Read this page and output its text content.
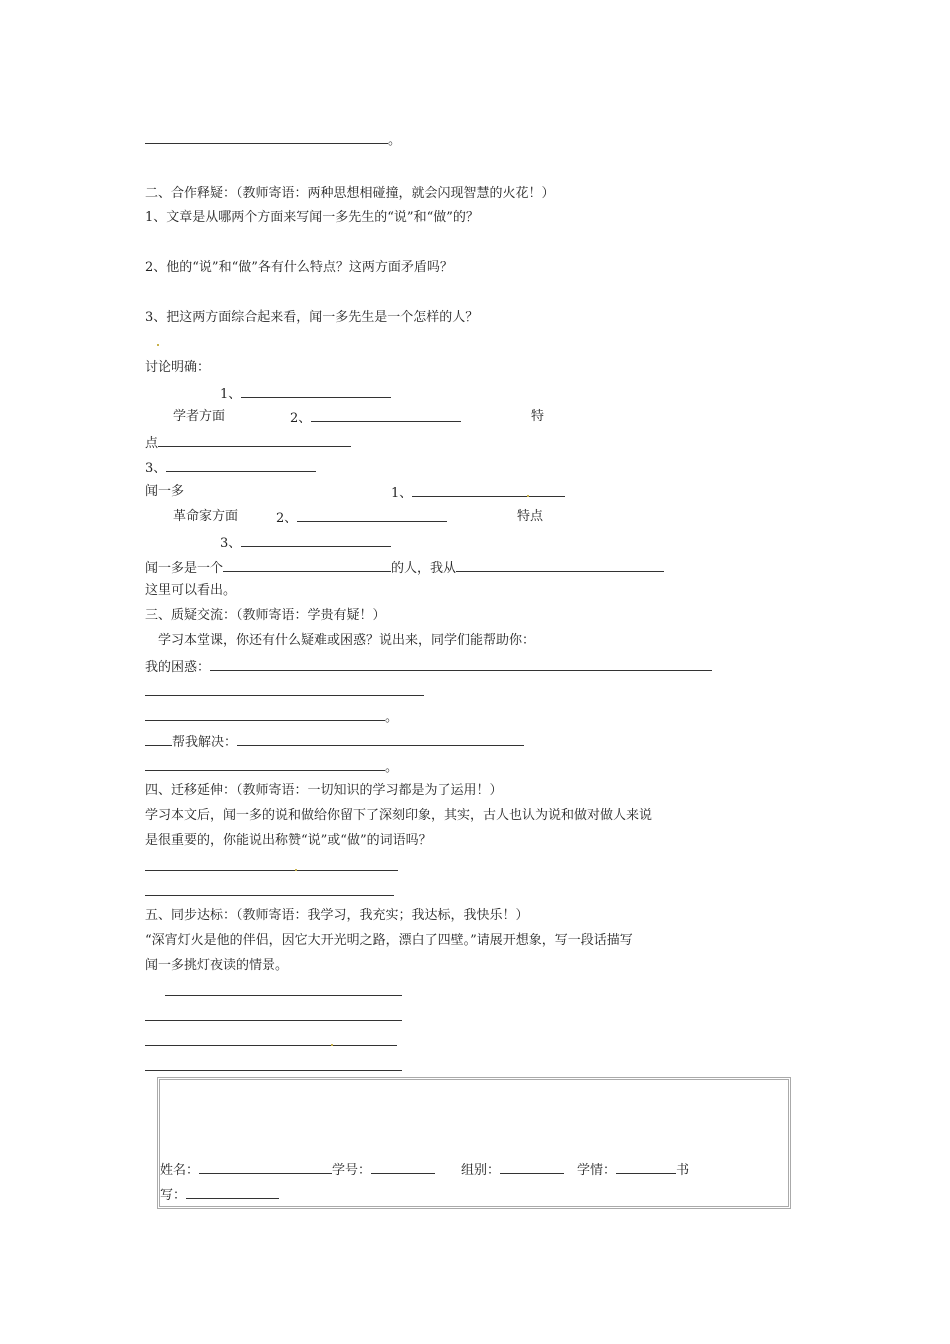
。
二、合作释疑：（教师寄语：两种思想相碰撞，就会闪现智慧的火花！）
1、文章是从哪两个方面来写闻一多先生的“说”和“做”的？
2、他的“说”和“做”各有什么特点？这两方面矛盾吗？
3、把这两方面综合起来看，闻一多先生是一个怎样的人？
讨论明确：
1、
学者方面	2、	特
点
3、
闻一多	1、
革命家方面	2、	特点
3、
闻一多是一个	的人，我从
这里可以看出。
三、质疑交流：（教师寄语：学贵有疑！）
学习本堂课，你还有什么疑难或困惑？说出来，同学们能帮助你：
我的困惑：
。
帮我解决：
。
四、迁移延伸：（教师寄语：一切知识的学习都是为了运用！）
学习本文后，闻一多的说和做给你留下了深刻印象，其实，古人也认为说和做对做人来说
是很重要的，你能说出称赞“说”或“做”的词语吗？
五、同步达标：（教师寄语：我学习，我充实；我达标，我快乐！）
“深宵灯火是他的伴侣，因它大开光明之路，漂白了四壁。”请展开想象，写一段话描写
闻一多挑灯夜读的情景。
姓名：	学号：	组别：	学情：	书
写：
